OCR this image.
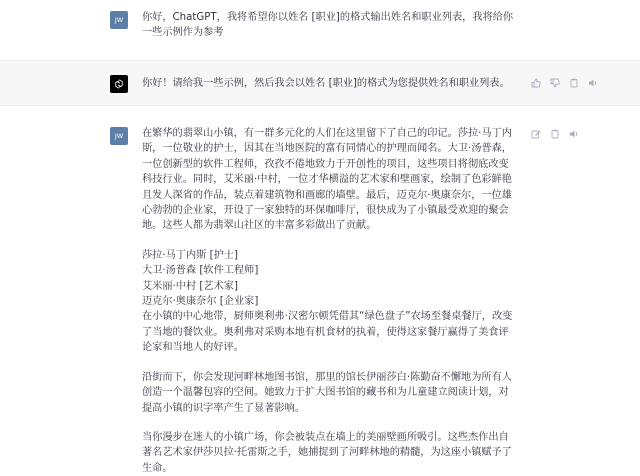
JW 你好，ChatGPT，我将希望你以姓名 [职业]的格式输出姓名和职业列表，我将给你一些示例作为参考

你好！请给我一些示例，然后我会以姓名 [职业]的格式为您提供姓名和职业列表。

JW 在繁华的翡翠山小镇，有一群多元化的人们在这里留下了自己的印记。莎拉·马丁内斯，一位敬业的护士，因其在当地医院的富有同情心的护理而闻名。大卫·汤普森，一位创新型的软件工程师，孜孜不倦地致力于开创性的项目，这些项目将彻底改变科技行业。同时，艾米丽·中村，一位才华横溢的艺术家和壁画家，绘制了色彩鲜艳且发人深省的作品，装点着建筑物和画廊的墙壁。最后，迈克尔·奥康奈尔，一位雄心勃勃的企业家，开设了一家独特的环保咖啡厅，很快成为了小镇最受欢迎的聚会地。这些人都为翡翠山社区的丰富多彩做出了贡献。

莎拉·马丁内斯 [护士]

大卫·汤普森 [软件工程师]

艾米丽·中村 [艺术家]

迈克尔·奥康奈尔 [企业家]

在小镇的中心地带，厨师奥利弗·汉密尔顿凭借其“绿色盘子”农场至餐桌餐厅，改变了当地的餐饮业。奥利弗对采购本地有机食材的执着，使得这家餐厅赢得了美食评论家和当地人的好评。

沿街而下，你会发现河畔林地图书馆，那里的馆长伊丽莎白·陈勤奋不懈地为所有人创造一个温馨包容的空间。她致力于扩大图书馆的藏书和为儿童建立阅读计划，对提高小镇的识字率产生了显著影响。

当你漫步在迷人的小镇广场，你会被装点在墙上的美丽壁画所吸引。这些杰作出自著名艺术家伊莎贝拉·托雷斯之手，她捕捉到了河畔林地的精髓，为这座小镇赋予了生命。
